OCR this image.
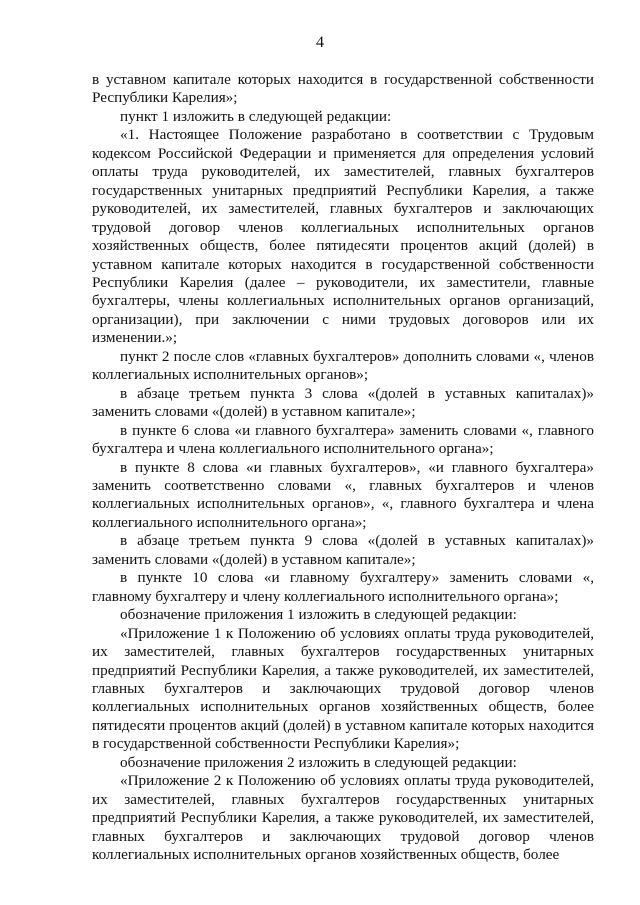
4

в уставном капитале которых находится в государственной собственности Республики Карелия»;

пункт 1 изложить в следующей редакции:

«1. Настоящее Положение разработано в соответствии с Трудовым кодексом Российской Федерации и применяется для определения условий оплаты труда руководителей, их заместителей, главных бухгалтеров государственных унитарных предприятий Республики Карелия, а также руководителей, их заместителей, главных бухгалтеров и заключающих трудовой договор членов коллегиальных исполнительных органов хозяйственных обществ, более пятидесяти процентов акций (долей) в уставном капитале которых находится в государственной собственности Республики Карелия (далее – руководители, их заместители, главные бухгалтеры, члены коллегиальных исполнительных органов организаций, организации), при заключении с ними трудовых договоров или их изменении.»;

пункт 2 после слов «главных бухгалтеров» дополнить словами «, членов коллегиальных исполнительных органов»;

в абзаце третьем пункта 3 слова «(долей в уставных капиталах)» заменить словами «(долей) в уставном капитале»;

в пункте 6 слова «и главного бухгалтера» заменить словами «, главного бухгалтера и члена коллегиального исполнительного органа»;

в пункте 8 слова «и главных бухгалтеров», «и главного бухгалтера» заменить соответственно словами «, главных бухгалтеров и членов коллегиальных исполнительных органов», «, главного бухгалтера и члена коллегиального исполнительного органа»;

в абзаце третьем пункта 9 слова «(долей в уставных капиталах)» заменить словами «(долей) в уставном капитале»;

в пункте 10 слова «и главному бухгалтеру» заменить словами «, главному бухгалтеру и члену коллегиального исполнительного органа»;

обозначение приложения 1 изложить в следующей редакции:

«Приложение 1 к Положению об условиях оплаты труда руководителей, их заместителей, главных бухгалтеров государственных унитарных предприятий Республики Карелия, а также руководителей, их заместителей, главных бухгалтеров и заключающих трудовой договор членов коллегиальных исполнительных органов хозяйственных обществ, более пятидесяти процентов акций (долей) в уставном капитале которых находится в государственной собственности Республики Карелия»;

обозначение приложения 2 изложить в следующей редакции:

«Приложение 2 к Положению об условиях оплаты труда руководителей, их заместителей, главных бухгалтеров государственных унитарных предприятий Республики Карелия, а также руководителей, их заместителей, главных бухгалтеров и заключающих трудовой договор членов коллегиальных исполнительных органов хозяйственных обществ, более
